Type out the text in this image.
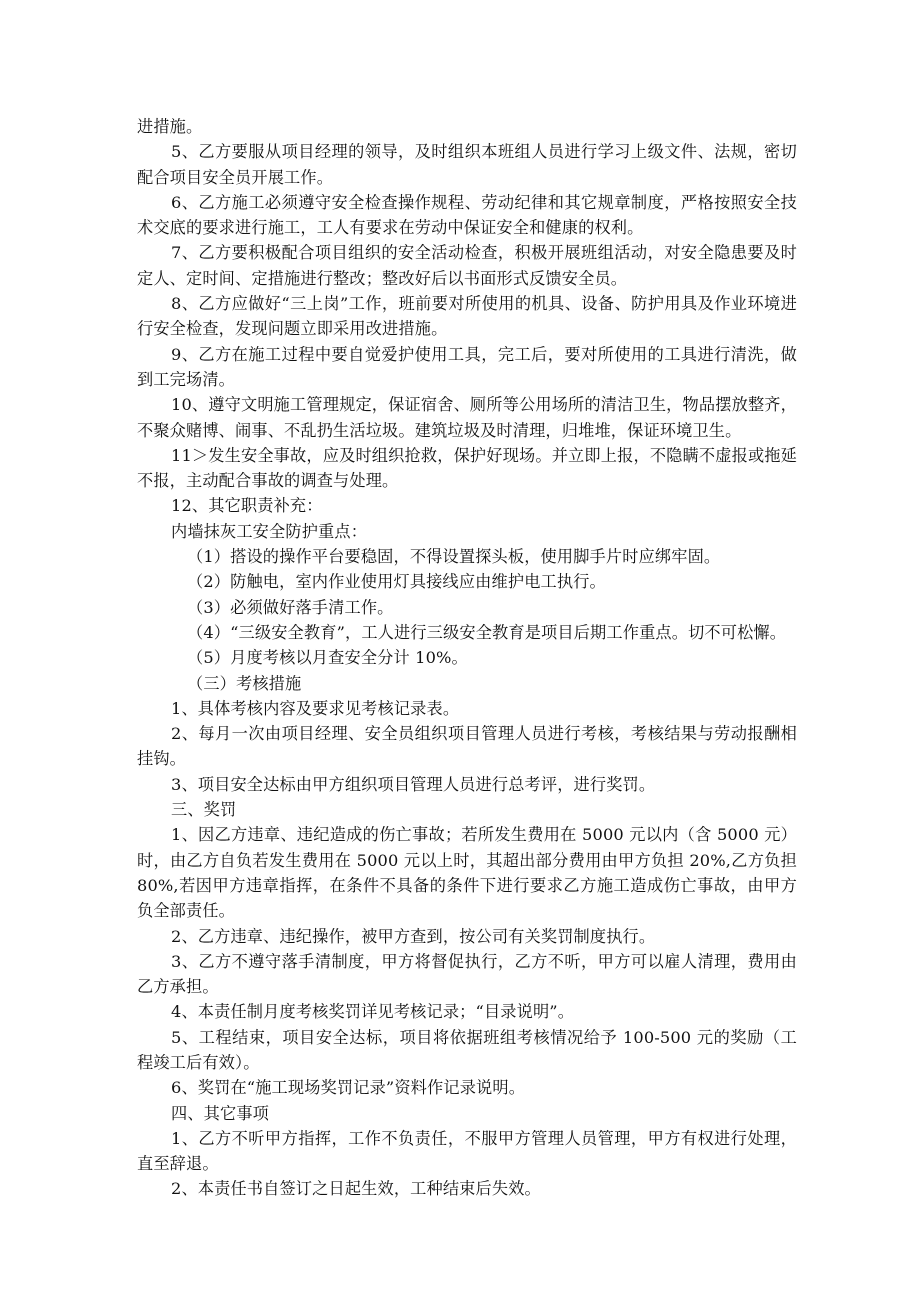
进措施。

5、乙方要服从项目经理的领导，及时组织本班组人员进行学习上级文件、法规，密切配合项目安全员开展工作。

6、乙方施工必须遵守安全检查操作规程、劳动纪律和其它规章制度，严格按照安全技术交底的要求进行施工，工人有要求在劳动中保证安全和健康的权利。

7、乙方要积极配合项目组织的安全活动检查，积极开展班组活动，对安全隐患要及时定人、定时间、定措施进行整改；整改好后以书面形式反馈安全员。

8、乙方应做好“三上岗”工作，班前要对所使用的机具、设备、防护用具及作业环境进行安全检查，发现问题立即采用改进措施。

9、乙方在施工过程中要自觉爱护使用工具，完工后，要对所使用的工具进行清洗，做到工完场清。

10、遵守文明施工管理规定，保证宿舍、厕所等公用场所的清洁卫生，物品摆放整齐，不聚众赌博、闹事、不乱扔生活垃圾。建筑垃圾及时清理，归堆堆，保证环境卫生。

11＞发生安全事故，应及时组织抢救，保护好现场。并立即上报，不隐瞒不虚报或拖延不报，主动配合事故的调查与处理。

12、其它职责补充：

内墙抹灰工安全防护重点：

（1）搭设的操作平台要稳固，不得设置探头板，使用脚手片时应绑牢固。

（2）防触电，室内作业使用灯具接线应由维护电工执行。

（3）必须做好落手清工作。

（4）“三级安全教育”，工人进行三级安全教育是项目后期工作重点。切不可松懈。

（5）月度考核以月查安全分计 10%。

（三）考核措施

1、具体考核内容及要求见考核记录表。

2、每月一次由项目经理、安全员组织项目管理人员进行考核，考核结果与劳动报酬相挂钩。

3、项目安全达标由甲方组织项目管理人员进行总考评，进行奖罚。

三、奖罚

1、因乙方违章、违纪造成的伤亡事故；若所发生费用在 5000 元以内（含 5000 元）时，由乙方自负若发生费用在 5000 元以上时，其超出部分费用由甲方负担 20%,乙方负担 80%,若因甲方违章指挥，在条件不具备的条件下进行要求乙方施工造成伤亡事故，由甲方负全部责任。

2、乙方违章、违纪操作，被甲方查到，按公司有关奖罚制度执行。

3、乙方不遵守落手清制度，甲方将督促执行，乙方不听，甲方可以雇人清理，费用由乙方承担。

4、本责任制月度考核奖罚详见考核记录；“目录说明”。

5、工程结束，项目安全达标，项目将依据班组考核情况给予 100-500 元的奖励（工程竣工后有效）。

6、奖罚在“施工现场奖罚记录”资料作记录说明。

四、其它事项

1、乙方不听甲方指挥，工作不负责任，不服甲方管理人员管理，甲方有权进行处理，直至辞退。

2、本责任书自签订之日起生效，工种结束后失效。
